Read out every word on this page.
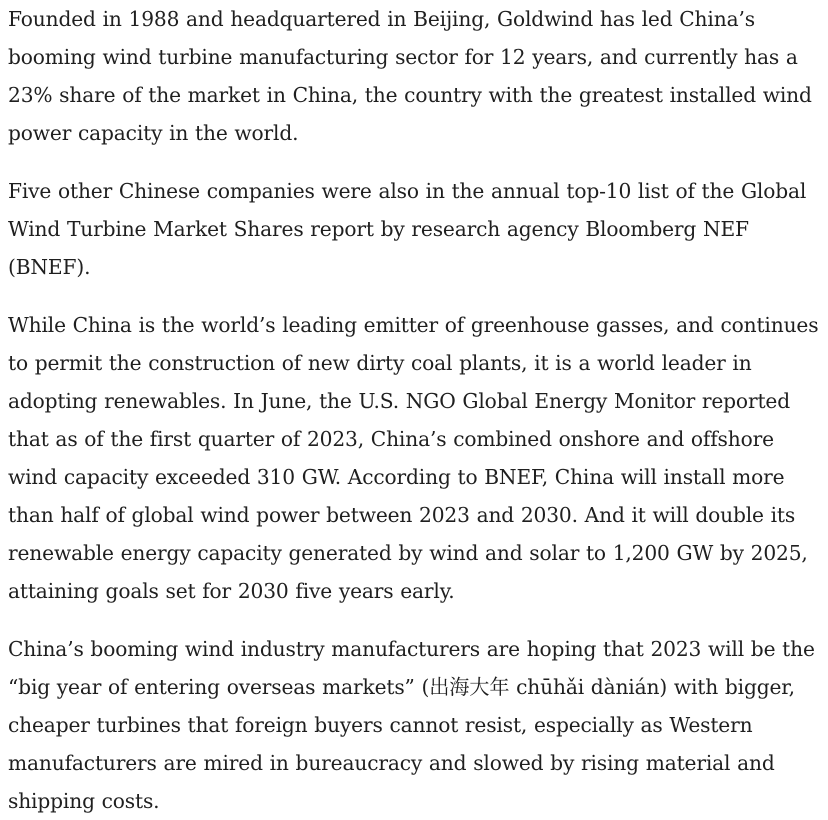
Founded in 1988 and headquartered in Beijing, Goldwind has led China’s booming wind turbine manufacturing sector for 12 years, and currently has a 23% share of the market in China, the country with the greatest installed wind power capacity in the world.

Five other Chinese companies were also in the annual top-10 list of the Global Wind Turbine Market Shares report by research agency Bloomberg NEF (BNEF).

While China is the world’s leading emitter of greenhouse gasses, and continues to permit the construction of new dirty coal plants, it is a world leader in adopting renewables. In June, the U.S. NGO Global Energy Monitor reported that as of the first quarter of 2023, China’s combined onshore and offshore wind capacity exceeded 310 GW. According to BNEF, China will install more than half of global wind power between 2023 and 2030. And it will double its renewable energy capacity generated by wind and solar to 1,200 GW by 2025, attaining goals set for 2030 five years early.

China’s booming wind industry manufacturers are hoping that 2023 will be the “big year of entering overseas markets” (出海大年 chūhǎi dànián) with bigger, cheaper turbines that foreign buyers cannot resist, especially as Western manufacturers are mired in bureaucracy and slowed by rising material and shipping costs.
